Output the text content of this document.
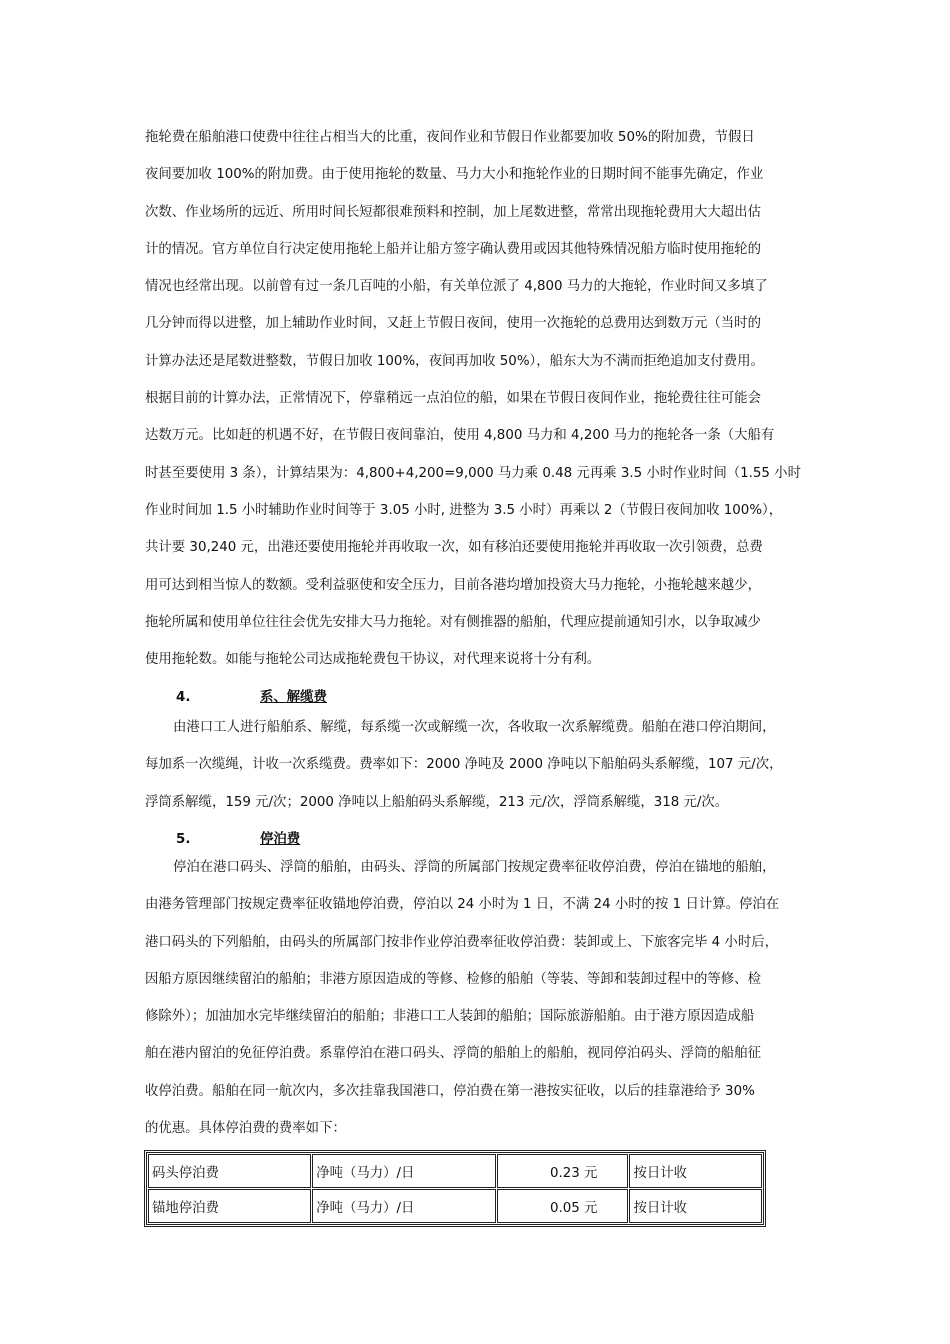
拖轮费在船舶港口使费中往往占相当大的比重，夜间作业和节假日作业都要加收 50%的附加费，节假日
夜间要加收 100%的附加费。由于使用拖轮的数量、马力大小和拖轮作业的日期时间不能事先确定，作业
次数、作业场所的远近、所用时间长短都很难预料和控制，加上尾数进整，常常出现拖轮费用大大超出估
计的情况。官方单位自行决定使用拖轮上船并让船方签字确认费用或因其他特殊情况船方临时使用拖轮的
情况也经常出现。以前曾有过一条几百吨的小船，有关单位派了 4,800 马力的大拖轮，作业时间又多填了
几分钟而得以进整，加上辅助作业时间，又赶上节假日夜间，使用一次拖轮的总费用达到数万元（当时的
计算办法还是尾数进整数，节假日加收 100%，夜间再加收 50%），船东大为不满而拒绝追加支付费用。
根据目前的计算办法，正常情况下，停靠稍远一点泊位的船，如果在节假日夜间作业，拖轮费往往可能会
达数万元。比如赶的机遇不好，在节假日夜间靠泊，使用 4,800 马力和 4,200 马力的拖轮各一条（大船有
时甚至要使用 3 条），计算结果为：4,800+4,200=9,000 马力乘 0.48 元再乘 3.5 小时作业时间（1.55 小时
作业时间加 1.5 小时辅助作业时间等于 3.05 小时, 进整为 3.5 小时）再乘以 2（节假日夜间加收 100%），
共计要 30,240 元，出港还要使用拖轮并再收取一次，如有移泊还要使用拖轮并再收取一次引领费，总费
用可达到相当惊人的数额。受利益驱使和安全压力，目前各港均增加投资大马力拖轮，小拖轮越来越少，
拖轮所属和使用单位往往会优先安排大马力拖轮。对有侧推器的船舶，代理应提前通知引水，以争取减少
使用拖轮数。如能与拖轮公司达成拖轮费包干协议，对代理来说将十分有利。
4.	系、解缆费
由港口工人进行船舶系、解缆，每系缆一次或解缆一次，各收取一次系解缆费。船舶在港口停泊期间，
每加系一次缆绳，计收一次系缆费。费率如下：2000 净吨及 2000 净吨以下船舶码头系解缆，107 元/次，
浮筒系解缆，159 元/次；2000 净吨以上船舶码头系解缆，213 元/次，浮筒系解缆，318 元/次。
5.	停泊费
停泊在港口码头、浮筒的船舶，由码头、浮筒的所属部门按规定费率征收停泊费，停泊在锚地的船舶，
由港务管理部门按规定费率征收锚地停泊费，停泊以 24 小时为 1 日，不满 24 小时的按 1 日计算。停泊在
港口码头的下列船舶，由码头的所属部门按非作业停泊费率征收停泊费：装卸或上、下旅客完毕 4 小时后，
因船方原因继续留泊的船舶；非港方原因造成的等修、检修的船舶（等装、等卸和装卸过程中的等修、检
修除外）；加油加水完毕继续留泊的船舶；非港口工人装卸的船舶；国际旅游船舶。由于港方原因造成船
舶在港内留泊的免征停泊费。系靠停泊在港口码头、浮筒的船舶上的船舶，视同停泊码头、浮筒的船舶征
收停泊费。船舶在同一航次内，多次挂靠我国港口，停泊费在第一港按实征收，以后的挂靠港给予 30%
的优惠。具体停泊费的费率如下：
码头停泊费	净吨（马力）/日	0.23 元	按日计收
锚地停泊费	净吨（马力）/日	0.05 元	按日计收
